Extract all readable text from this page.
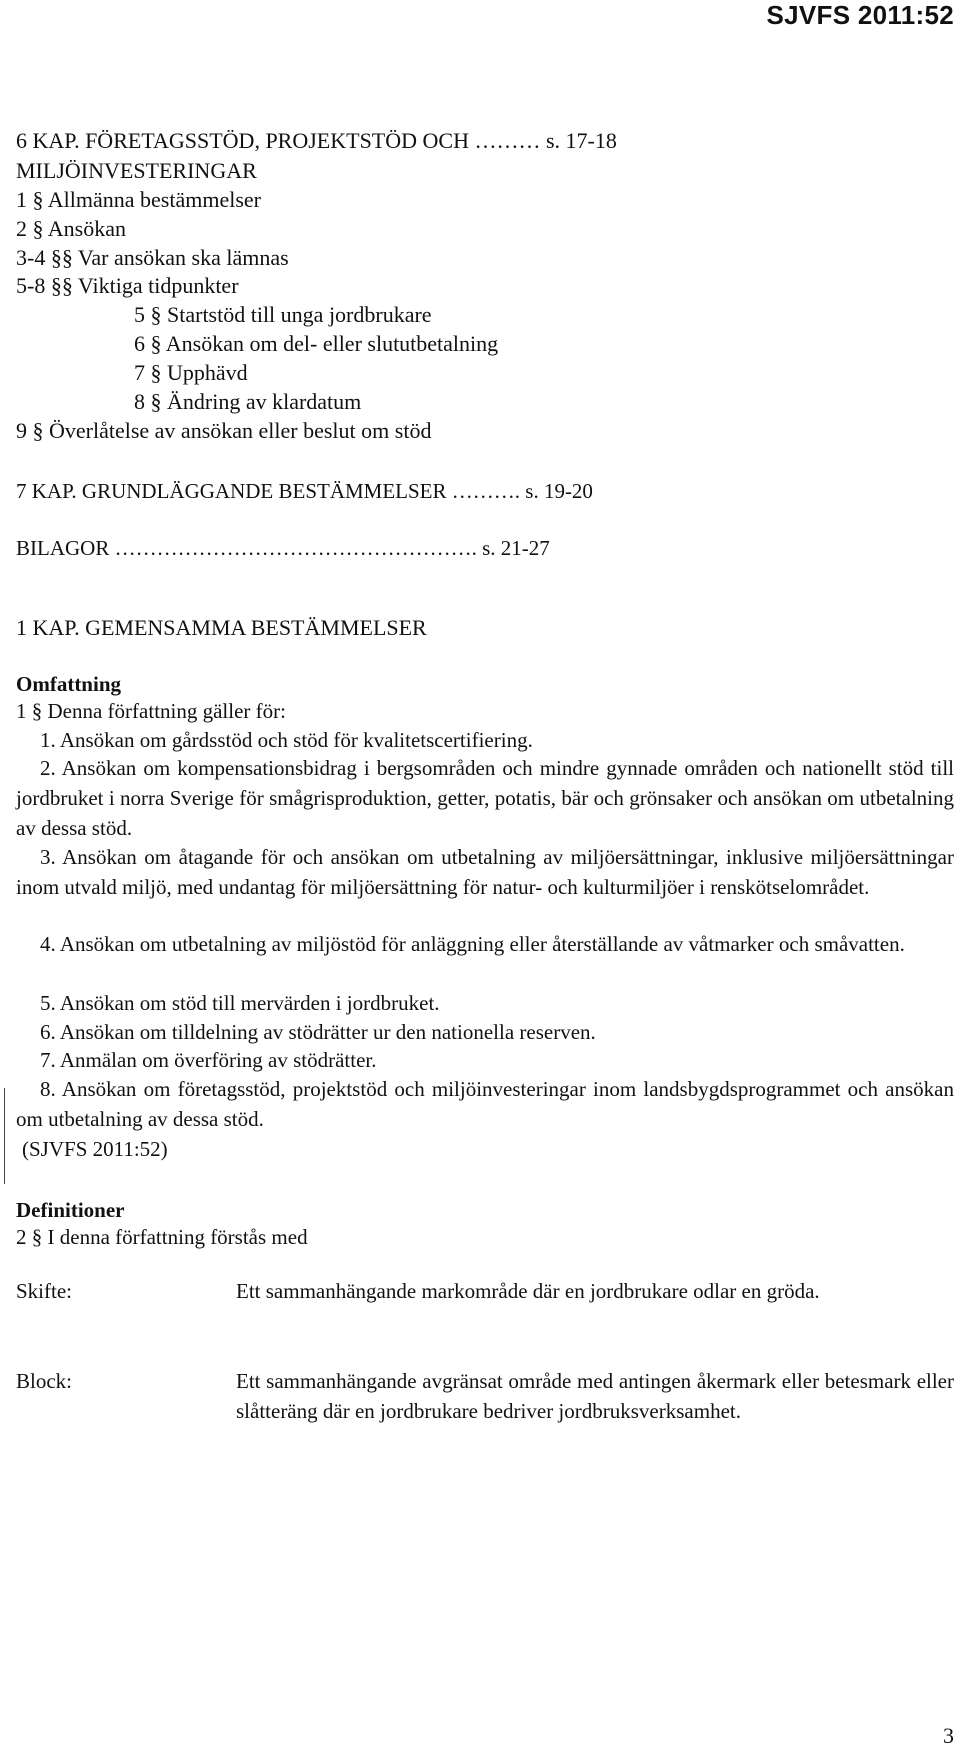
SJVFS 2011:52
6 KAP. FÖRETAGSSTÖD, PROJEKTSTÖD OCH ……… s. 17-18
MILJÖINVESTERINGAR
1 § Allmänna bestämmelser
2 § Ansökan
3-4 §§ Var ansökan ska lämnas
5-8 §§ Viktiga tidpunkter
5 § Startstöd till unga jordbrukare
6 § Ansökan om del- eller slututbetalning
7 § Upphävd
8 § Ändring av klardatum
9 § Överlåtelse av ansökan eller beslut om stöd
7 KAP. GRUNDLÄGGANDE BESTÄMMELSER ………. s. 19-20
BILAGOR ……………………………………………. s. 21-27
1 KAP. GEMENSAMMA BESTÄMMELSER
Omfattning
1 § Denna författning gäller för:
1. Ansökan om gårdsstöd och stöd för kvalitetscertifiering.
2. Ansökan om kompensationsbidrag i bergsområden och mindre gynnade områden och nationellt stöd till jordbruket i norra Sverige för smågrisproduktion, getter, potatis, bär och grönsaker och ansökan om utbetalning av dessa stöd.
3. Ansökan om åtagande för och ansökan om utbetalning av miljöersättningar, inklusive miljöersättningar inom utvald miljö, med undantag för miljöersättning för natur- och kulturmiljöer i renskötselområdet.
4. Ansökan om utbetalning av miljöstöd för anläggning eller återställande av våtmarker och småvatten.
5. Ansökan om stöd till mervärden i jordbruket.
6. Ansökan om tilldelning av stödrätter ur den nationella reserven.
7. Anmälan om överföring av stödrätter.
8. Ansökan om företagsstöd, projektstöd och miljöinvesteringar inom landsbygdsprogrammet och ansökan om utbetalning av dessa stöd.
(SJVFS 2011:52)
Definitioner
2 § I denna författning förstås med
Skifte:	Ett sammanhängande markområde där en jordbrukare odlar en gröda.
Block:	Ett sammanhängande avgränsat område med antingen åkermark eller betesmark eller slåtteräng där en jordbrukare bedriver jordbruksverksamhet.
3
